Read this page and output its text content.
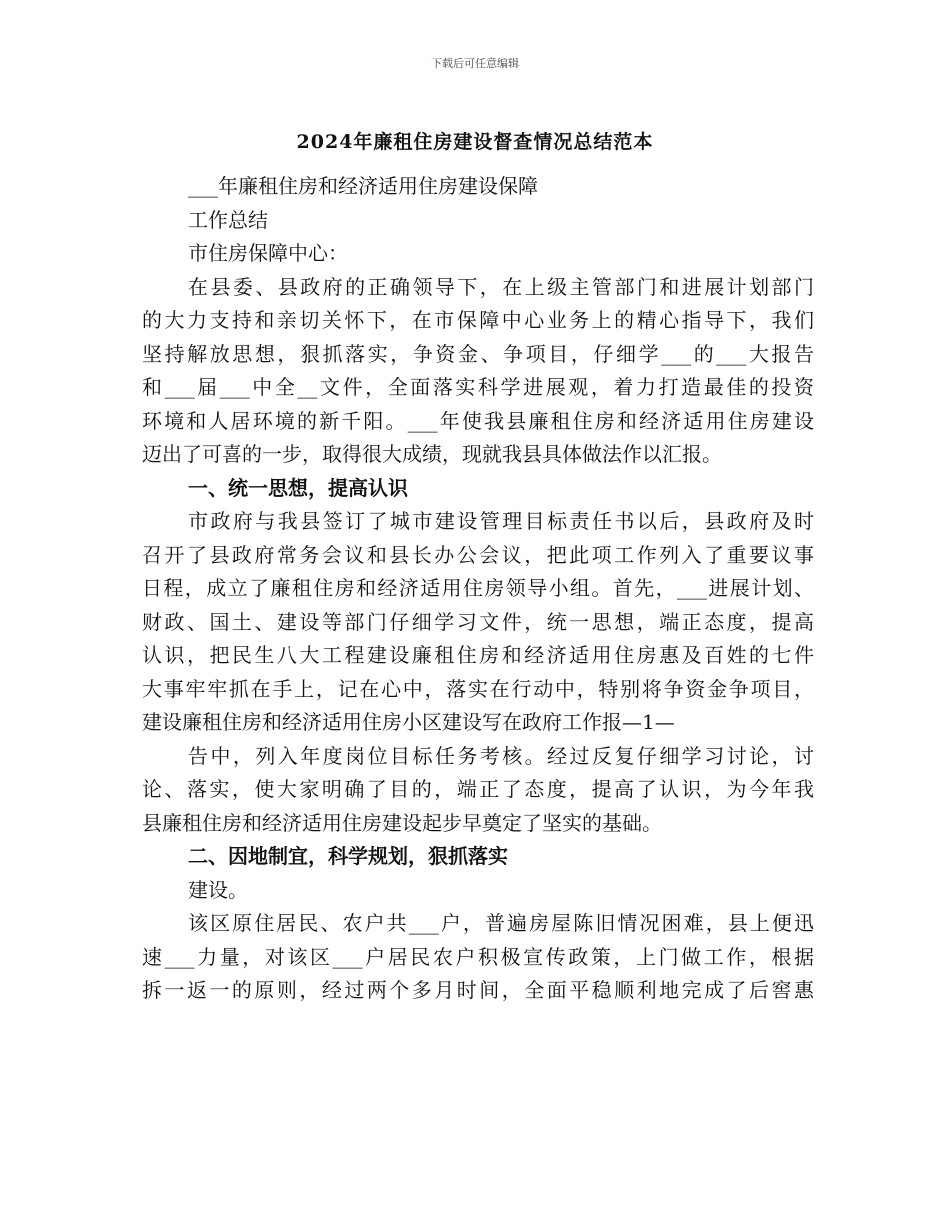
下载后可任意编辑
2024年廉租住房建设督查情况总结范本
___年廉租住房和经济适用住房建设保障
工作总结
市住房保障中心：
在县委、县政府的正确领导下，在上级主管部门和进展计划部门
的大力支持和亲切关怀下，在市保障中心业务上的精心指导下，我们
坚持解放思想，狠抓落实，争资金、争项目，仔细学___的___大报告
和___届___中全__文件，全面落实科学进展观，着力打造最佳的投资
环境和人居环境的新千阳。___年使我县廉租住房和经济适用住房建设
迈出了可喜的一步，取得很大成绩，现就我县具体做法作以汇报。
一、统一思想，提高认识
市政府与我县签订了城市建设管理目标责任书以后，县政府及时
召开了县政府常务会议和县长办公会议，把此项工作列入了重要议事
日程，成立了廉租住房和经济适用住房领导小组。首先，___进展计划、
财政、国土、建设等部门仔细学习文件，统一思想，端正态度，提高
认识，把民生八大工程建设廉租住房和经济适用住房惠及百姓的七件
大事牢牢抓在手上，记在心中，落实在行动中，特别将争资金争项目，
建设廉租住房和经济适用住房小区建设写在政府工作报—1—
告中，列入年度岗位目标任务考核。经过反复仔细学习讨论，讨
论、落实，使大家明确了目的，端正了态度，提高了认识，为今年我
县廉租住房和经济适用住房建设起步早奠定了坚实的基础。
二、因地制宜，科学规划，狠抓落实
建设。
该区原住居民、农户共___户，普遍房屋陈旧情况困难，县上便迅
速___力量，对该区___户居民农户积极宣传政策，上门做工作，根据
拆一返一的原则，经过两个多月时间，全面平稳顺利地完成了后窖惠
